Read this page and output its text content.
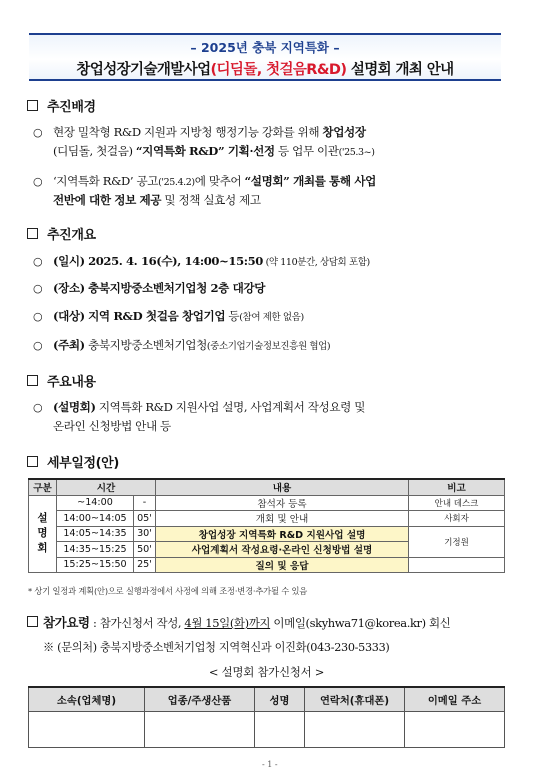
– 2025년 충북 지역특화 –
창업성장기술개발사업(디딤돌, 첫걸음R&D) 설명회 개최 안내
추진배경
○ 현장 밀착형 R&D 지원과 지방청 행정기능 강화를 위해 창업성장
(디딤돌, 첫걸음) “지역특화 R&D” 기획·선정 등 업무 이관('25.3~)
○ ‘지역특화 R&D’ 공고('25.4.2)에 맞추어 “설명회” 개최를 통해 사업
전반에 대한 정보 제공 및 정책 실효성 제고
추진개요
○ (일시) 2025. 4. 16(수), 14:00~15:50 (약 110분간, 상담회 포함)
○ (장소) 충북지방중소벤처기업청 2층 대강당
○ (대상) 지역 R&D 첫걸음 창업기업 등(참여 제한 없음)
○ (주최) 충북지방중소벤처기업청(중소기업기술정보진흥원 협업)
주요내용
○ (설명회) 지역특화 R&D 지원사업 설명, 사업계획서 작성요령 및
온라인 신청방법 안내 등
세부일정(안)
구분	시간		내용	비고
설
명
회	~14:00	-	참석자 등록	안내 데스크
	14:00~14:05	05'	개회 및 안내	사회자
	14:05~14:35	30'	창업성장 지역특화 R&D 지원사업 설명	기정원
	14:35~15:25	50'	사업계획서 작성요령·온라인 신청방법 설명	
	15:25~15:50	25'	질의 및 응답	
* 상기 일정과 계획(안)으로 실행과정에서 사정에 의해 조정·변경·추가될 수 있음
참가요령 : 참가신청서 작성, 4월 15일(화)까지 이메일(skyhwa71@korea.kr) 회신
※ (문의처) 충북지방중소벤처기업청 지역혁신과 이진화(043-230-5333)
< 설명회 참가신청서 >
소속(업체명)	업종/주생산품	성명	연락처(휴대폰)	이메일 주소

- 1 -
